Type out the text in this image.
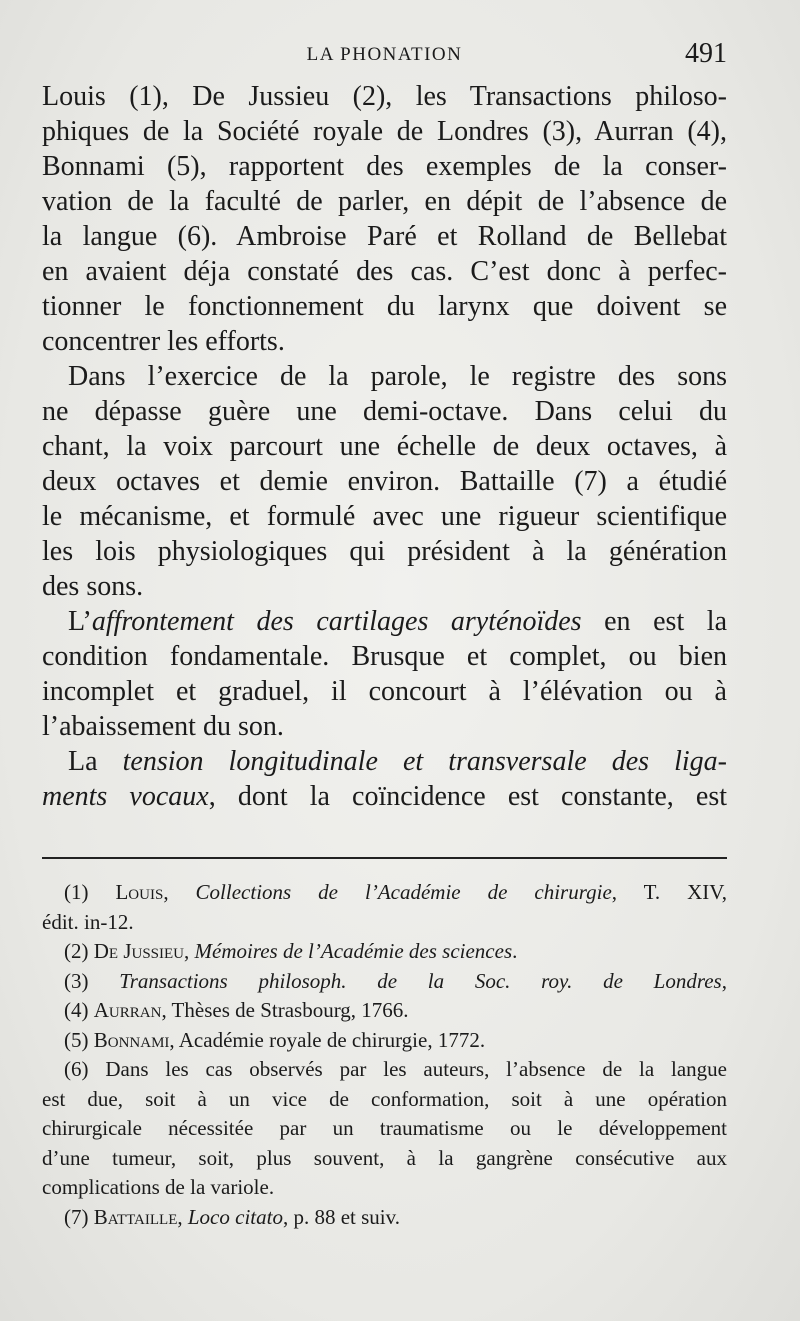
LA PHONATION	491
Louis (1), De Jussieu (2), les Transactions philoso-
phiques de la Société royale de Londres (3), Aurran (4),
Bonnami (5), rapportent des exemples de la conser-
vation de la faculté de parler, en dépit de l’absence de
la langue (6). Ambroise Paré et Rolland de Bellebat
en avaient déja constaté des cas. C’est donc à perfec-
tionner le fonctionnement du larynx que doivent se
concentrer les efforts.
Dans l’exercice de la parole, le registre des sons
ne dépasse guère une demi-octave. Dans celui du
chant, la voix parcourt une échelle de deux octaves, à
deux octaves et demie environ. Battaille (7) a étudié
le mécanisme, et formulé avec une rigueur scientifique
les lois physiologiques qui président à la génération
des sons.
L’affrontement des cartilages aryténoïdes en est la
condition fondamentale. Brusque et complet, ou bien
incomplet et graduel, il concourt à l’élévation ou à
l’abaissement du son.
La tension longitudinale et transversale des liga-
ments vocaux, dont la coïncidence est constante, est
(1) Louis, Collections de l’Académie de chirurgie, T. XIV,
édit. in-12.
(2) De Jussieu, Mémoires de l’Académie des sciences.
(3) Transactions philosoph. de la Soc. roy. de Londres,
(4) Aurran, Thèses de Strasbourg, 1766.
(5) Bonnami, Académie royale de chirurgie, 1772.
(6) Dans les cas observés par les auteurs, l’absence de la langue
est due, soit à un vice de conformation, soit à une opération
chirurgicale nécessitée par un traumatisme ou le développement
d’une tumeur, soit, plus souvent, à la gangrène consécutive aux
complications de la variole.
(7) Battaille, Loco citato, p. 88 et suiv.
